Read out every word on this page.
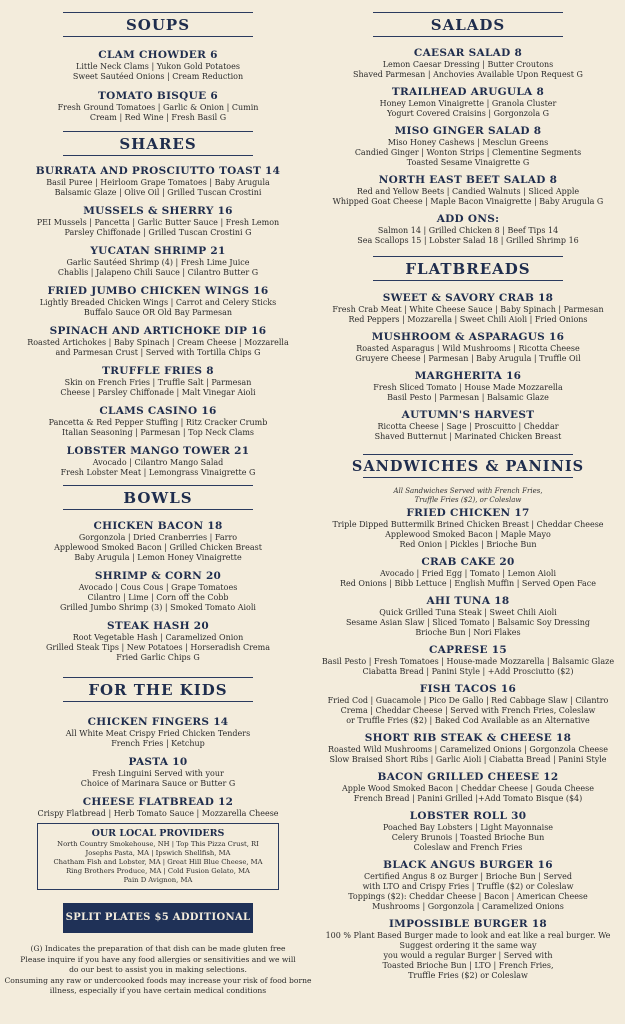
SOUPS
CLAM CHOWDER 6
Little Neck Clams | Yukon Gold Potatoes
Sweet Sautéed Onions | Cream Reduction
TOMATO BISQUE 6
Fresh Ground Tomatoes | Garlic & Onion | Cumin
Cream | Red Wine | Fresh Basil G
SHARES
BURRATA AND PROSCIUTTO TOAST 14
Basil Puree | Heirloom Grape Tomatoes | Baby Arugula
Balsamic Glaze | Olive Oil | Grilled Tuscan Crostini
MUSSELS & SHERRY 16
PEI Mussels | Pancetta | Garlic Butter Sauce | Fresh Lemon
Parsley Chiffonade | Grilled Tuscan Crostini G
YUCATAN SHRIMP 21
Garlic Sautéed Shrimp (4) | Fresh Lime Juice
Chablis | Jalapeno Chili Sauce | Cilantro Butter G
FRIED JUMBO CHICKEN WINGS 16
Lightly Breaded Chicken Wings | Carrot and Celery Sticks
Buffalo Sauce OR Old Bay Parmesan
SPINACH AND ARTICHOKE DIP 16
Roasted Artichokes | Baby Spinach | Cream Cheese | Mozzarella
and Parmesan Crust | Served with Tortilla Chips G
TRUFFLE FRIES 8
Skin on French Fries | Truffle Salt | Parmesan
Cheese | Parsley Chiffonade | Malt Vinegar Aioli
CLAMS CASINO 16
Pancetta & Red Pepper Stuffing | Ritz Cracker Crumb
Italian Seasoning | Parmesan | Top Neck Clams
LOBSTER MANGO TOWER 21
Avocado | Cilantro Mango Salad
Fresh Lobster Meat | Lemongrass Vinaigrette G
BOWLS
CHICKEN BACON 18
Gorgonzola | Dried Cranberries | Farro
Applewood Smoked Bacon | Grilled Chicken Breast
Baby Arugula | Lemon Honey Vinaigrette
SHRIMP & CORN 20
Avocado | Cous Cous | Grape Tomatoes
Cilantro | Lime | Corn off the Cobb
Grilled Jumbo Shrimp (3) | Smoked Tomato Aioli
STEAK HASH 20
Root Vegetable Hash | Caramelized Onion
Grilled Steak Tips | New Potatoes | Horseradish Crema
Fried Garlic Chips G
FOR THE KIDS
CHICKEN FINGERS 14
All White Meat Crispy Fried Chicken Tenders
French Fries | Ketchup
PASTA 10
Fresh Linguini Served with your
Choice of Marinara Sauce or Butter G
CHEESE FLATBREAD 12
Crispy Flatbread | Herb Tomato Sauce | Mozzarella Cheese
OUR LOCAL PROVIDERS
North Country Smokehouse, NH | Top This Pizza Crust, RI
Josephs Pasta, MA | Ipswich Shellfish, MA
Chatham Fish and Lobster, MA | Great Hill Blue Cheese, MA
Ring Brothers Produce, MA | Cold Fusion Gelato, MA
Pain D Avignon, MA
SPLIT PLATES $5 ADDITIONAL
(G) Indicates the preparation of that dish can be made gluten free
Please inquire if you have any food allergies or sensitivities and we will
do our best to assist you in making selections.
Consuming any raw or undercooked foods may increase your risk of food borne
illness, especially if you have certain medical conditions
SALADS
CAESAR SALAD 8
Lemon Caesar Dressing | Butter Croutons
Shaved Parmesan | Anchovies Available Upon Request G
TRAILHEAD ARUGULA 8
Honey Lemon Vinaigrette | Granola Cluster
Yogurt Covered Craisins | Gorgonzola G
MISO GINGER SALAD 8
Miso Honey Cashews | Mesclun Greens
Candied Ginger | Wonton Strips | Clementine Segments
Toasted Sesame Vinaigrette G
NORTH EAST BEET SALAD 8
Red and Yellow Beets | Candied Walnuts | Sliced Apple
Whipped Goat Cheese | Maple Bacon Vinaigrette | Baby Arugula G
ADD ONS:
Salmon 14 | Grilled Chicken 8 | Beef Tips 14
Sea Scallops 15 | Lobster Salad 18 | Grilled Shrimp 16
FLATBREADS
SWEET & SAVORY CRAB 18
Fresh Crab Meat | White Cheese Sauce | Baby Spinach | Parmesan
Red Peppers | Mozzarella | Sweet Chili Aioli | Fried Onions
MUSHROOM & ASPARAGUS 16
Roasted Asparagus | Wild Mushrooms | Ricotta Cheese
Gruyere Cheese | Parmesan | Baby Arugula | Truffle Oil
MARGHERITA 16
Fresh Sliced Tomato | House Made Mozzarella
Basil Pesto | Parmesan | Balsamic Glaze
AUTUMN'S HARVEST
Ricotta Cheese | Sage | Proscuitto | Cheddar
Shaved Butternut | Marinated Chicken Breast
SANDWICHES & PANINIS
All Sandwiches Served with French Fries,
Truffle Fries ($2), or Coleslaw
FRIED CHICKEN 17
Triple Dipped Buttermilk Brined Chicken Breast | Cheddar Cheese
Applewood Smoked Bacon | Maple Mayo
Red Onion | Pickles | Brioche Bun
CRAB CAKE 20
Avocado | Fried Egg | Tomato | Lemon Aioli
Red Onions | Bibb Lettuce | English Muffin | Served Open Face
AHI TUNA 18
Quick Grilled Tuna Steak | Sweet Chili Aioli
Sesame Asian Slaw | Sliced Tomato | Balsamic Soy Dressing
Brioche Bun | Nori Flakes
CAPRESE 15
Basil Pesto | Fresh Tomatoes | House-made Mozzarella | Balsamic Glaze
Ciabatta Bread | Panini Style | +Add Prosciutto ($2)
FISH TACOS 16
Fried Cod | Guacamole | Pico De Gallo | Red Cabbage Slaw | Cilantro
Crema | Cheddar Cheese | Served with French Fries, Coleslaw
or Truffle Fries ($2) | Baked Cod Available as an Alternative
SHORT RIB STEAK & CHEESE 18
Roasted Wild Mushrooms | Caramelized Onions | Gorgonzola Cheese
Slow Braised Short Ribs | Garlic Aioli | Ciabatta Bread | Panini Style
BACON GRILLED CHEESE 12
Apple Wood Smoked Bacon | Cheddar Cheese | Gouda Cheese
French Bread | Panini Grilled |+Add Tomato Bisque ($4)
LOBSTER ROLL 30
Poached Bay Lobsters | Light Mayonnaise
Celery Brunois | Toasted Brioche Bun
Coleslaw and French Fries
BLACK ANGUS BURGER 16
Certified Angus 8 oz Burger | Brioche Bun | Served
with LTO and Crispy Fries | Truffle ($2) or Coleslaw
Toppings ($2): Cheddar Cheese | Bacon | American Cheese
Mushrooms | Gorgonzola | Caramelized Onions
IMPOSSIBLE BURGER 18
100 % Plant Based Burger made to look and eat like a real burger. We
Suggest ordering it the same way
you would a regular Burger | Served with
Toasted Brioche Bun | LTO | French Fries,
Truffle Fries ($2) or Coleslaw
